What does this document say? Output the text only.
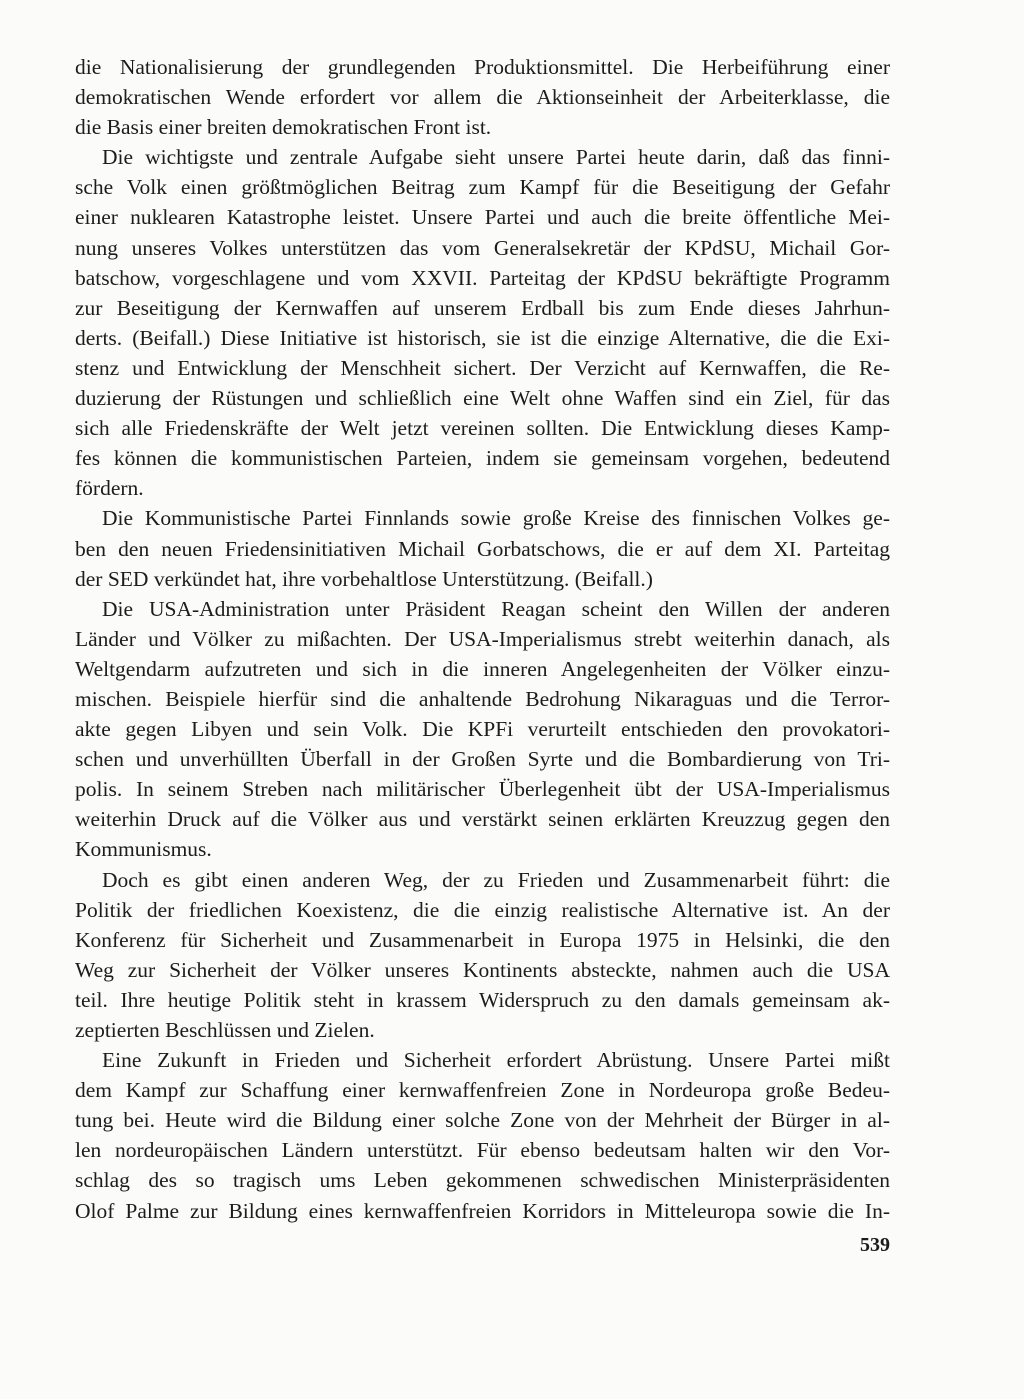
die Nationalisierung der grundlegenden Produktionsmittel. Die Herbeiführung einer
demokratischen Wende erfordert vor allem die Aktionseinheit der Arbeiterklasse, die
die Basis einer breiten demokratischen Front ist.
Die wichtigste und zentrale Aufgabe sieht unsere Partei heute darin, daß das finni-
sche Volk einen größtmöglichen Beitrag zum Kampf für die Beseitigung der Gefahr
einer nuklearen Katastrophe leistet. Unsere Partei und auch die breite öffentliche Mei-
nung unseres Volkes unterstützen das vom Generalsekretär der KPdSU, Michail Gor-
batschow, vorgeschlagene und vom XXVII. Parteitag der KPdSU bekräftigte Programm
zur Beseitigung der Kernwaffen auf unserem Erdball bis zum Ende dieses Jahrhun-
derts. (Beifall.) Diese Initiative ist historisch, sie ist die einzige Alternative, die die Exi-
stenz und Entwicklung der Menschheit sichert. Der Verzicht auf Kernwaffen, die Re-
duzierung der Rüstungen und schließlich eine Welt ohne Waffen sind ein Ziel, für das
sich alle Friedenskräfte der Welt jetzt vereinen sollten. Die Entwicklung dieses Kamp-
fes können die kommunistischen Parteien, indem sie gemeinsam vorgehen, bedeutend
fördern.
Die Kommunistische Partei Finnlands sowie große Kreise des finnischen Volkes ge-
ben den neuen Friedensinitiativen Michail Gorbatschows, die er auf dem XI. Parteitag
der SED verkündet hat, ihre vorbehaltlose Unterstützung. (Beifall.)
Die USA-Administration unter Präsident Reagan scheint den Willen der anderen
Länder und Völker zu mißachten. Der USA-Imperialismus strebt weiterhin danach, als
Weltgendarm aufzutreten und sich in die inneren Angelegenheiten der Völker einzu-
mischen. Beispiele hierfür sind die anhaltende Bedrohung Nikaraguas und die Terror-
akte gegen Libyen und sein Volk. Die KPFi verurteilt entschieden den provokatori-
schen und unverhüllten Überfall in der Großen Syrte und die Bombardierung von Tri-
polis. In seinem Streben nach militärischer Überlegenheit übt der USA-Imperialismus
weiterhin Druck auf die Völker aus und verstärkt seinen erklärten Kreuzzug gegen den
Kommunismus.
Doch es gibt einen anderen Weg, der zu Frieden und Zusammenarbeit führt: die
Politik der friedlichen Koexistenz, die die einzig realistische Alternative ist. An der
Konferenz für Sicherheit und Zusammenarbeit in Europa 1975 in Helsinki, die den
Weg zur Sicherheit der Völker unseres Kontinents absteckte, nahmen auch die USA
teil. Ihre heutige Politik steht in krassem Widerspruch zu den damals gemeinsam ak-
zeptierten Beschlüssen und Zielen.
Eine Zukunft in Frieden und Sicherheit erfordert Abrüstung. Unsere Partei mißt
dem Kampf zur Schaffung einer kernwaffenfreien Zone in Nordeuropa große Bedeu-
tung bei. Heute wird die Bildung einer solche Zone von der Mehrheit der Bürger in al-
len nordeuropäischen Ländern unterstützt. Für ebenso bedeutsam halten wir den Vor-
schlag des so tragisch ums Leben gekommenen schwedischen Ministerpräsidenten
Olof Palme zur Bildung eines kernwaffenfreien Korridors in Mitteleuropa sowie die In-
539
